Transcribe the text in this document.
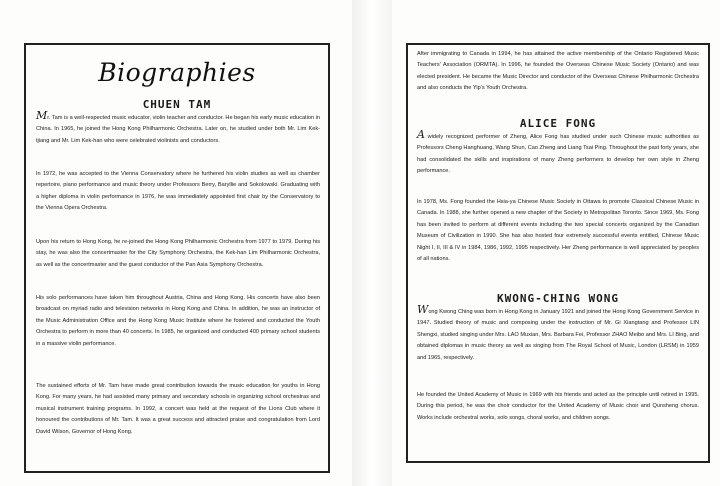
Biographies
CHUEN TAM

Mr. Tam is a well-respected music educator, violin teacher and conductor. He began his early music education in China. In 1965, he joined the Hong Kong Philharmonic Orchestra. Later on, he studied under both Mr. Lim Kek-tjiang and Mr. Lim Kek-han who were celebrated violinists and conductors.

In 1972, he was accepted to the Vienna Conservatory where he furthered his violin studies as well as chamber repertoire, piano performance and music theory under Professors Berry, Baryllie and Sokolowski. Graduating with a higher diploma in violin performance in 1976, he was immediately appointed first chair by the Conservatory to the Vienna Opera Orchestra.

Upon his return to Hong Kong, he re-joined the Hong Kong Philharmonic Orchestra from 1977 to 1979. During his stay, he was also the concertmaster for the City Symphony Orchestra, the Kek-han Lim Philharmonic Orchestra, as well as the concertmaster and the guest conductor of the Pan Asia Symphony Orchestra.

His solo performances have taken him throughout Austria, China and Hong Kong. His concerts have also been broadcast on myriad radio and television networks in Hong Kong and China. In addition, he was an instructor of the Music Administration Office and the Hong Kong Music Institute where he fostered and conducted the Youth Orchestra to perform in more than 40 concerts. In 1985, he organized and conducted 400 primary school students in a massive violin performance.

The sustained efforts of Mr. Tam have made great contribution towards the music education for youths in Hong Kong. For many years, he had assisted many primary and secondary schools in organizing school orchestras and musical instrument training programs. In 1992, a concert was held at the request of the Lions Club where it honoured the contributions of Mr. Tam. It was a great success and attracted praise and congratulation from Lord David Wilson, Governor of Hong Kong.

After immigrating to Canada in 1994, he has attained the active membership of the Ontario Registered Music Teachers' Association (ORMTA). In 1996, he founded the Overseas Chinese Music Society (Ontario) and was elected president. He became the Music Director and conductor of the Overseas Chinese Philharmonic Orchestra and also conducts the Yip's Youth Orchestra.

ALICE FONG

A widely recognized performer of Zheng, Alice Fong has studied under such Chinese music authorities as Professors Cheng Hanghuang, Wang Shun, Cao Zheng and Liang Tsai Ping. Throughout the past forty years, she had consolidated the skills and inspirations of many Zheng performers to develop her own style in Zheng performance.

In 1978, Ms. Fong founded the Hsia-ya Chinese Music Society in Ottawa to promote Classical Chinese Music in Canada. In 1988, she further opened a new chapter of the Society in Metropolitan Toronto. Since 1969, Ms. Fong has been invited to perform at different events including the two special concerts organized by the Canadian Museum of Civilization in 1990. She has also hosted four extremely successful events entitled, Chinese Music Night I, II, III & IV in 1984, 1986, 1992, 1995 respectively. Her Zheng performance is well appreciated by peoples of all nations.

KWONG-CHING WONG

Wong Kwong Ching was born in Hong Kong in January 1921 and joined the Hong Kong Government Service in 1947. Studied theory of music and composing under the instruction of Mr. Gi Xiangtang and Professor LIN Shengxi, studied singing under Mrs. LAO Muxian, Mrs. Barbara Fei, Professor ZHAO Meibo and Mrs. LI Bing, and obtained diplomas in music theory as well as singing from The Royal School of Music, London (LRSM) in 1959 and 1965, respectively.

He founded the United Academy of Music in 1969 with his friends and acted as the principle until retired in 1995. During this period, he was the choir conductor for the United Academy of Music choir and Qunsheng chorus. Works include orchestral works, solo songs, choral works, and children songs.
